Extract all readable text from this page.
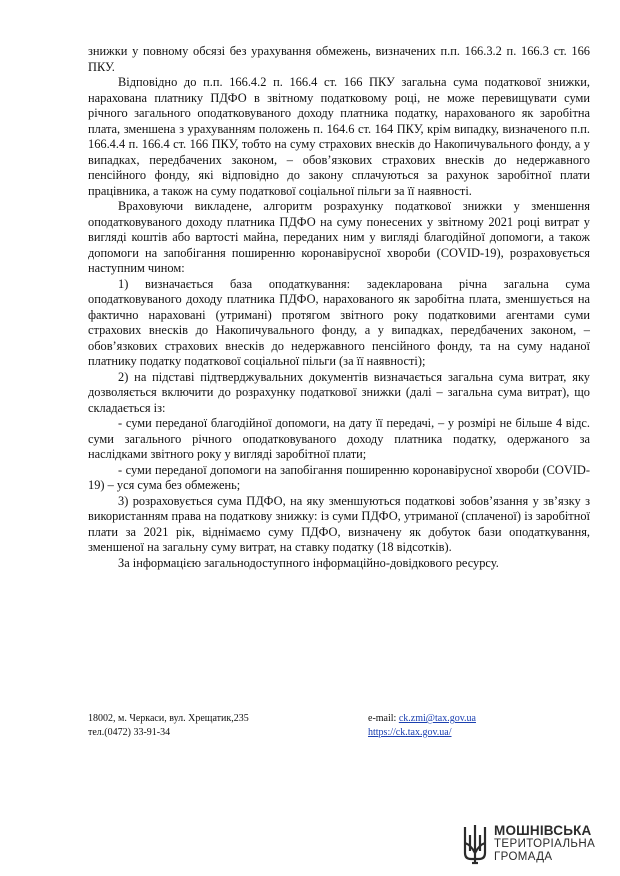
знижки у повному обсязі без урахування обмежень, визначених п.п. 166.3.2 п. 166.3 ст. 166 ПКУ.

Відповідно до п.п. 166.4.2 п. 166.4 ст. 166 ПКУ загальна сума податкової знижки, нарахована платнику ПДФО в звітному податковому році, не може перевищувати суми річного загального оподатковуваного доходу платника податку, нарахованого як заробітна плата, зменшена з урахуванням положень п. 164.6 ст. 164 ПКУ, крім випадку, визначеного п.п. 166.4.4 п. 166.4 ст. 166 ПКУ, тобто на суму страхових внесків до Накопичувального фонду, а у випадках, передбачених законом, – обов’язкових страхових внесків до недержавного пенсійного фонду, які відповідно до закону сплачуються за рахунок заробітної плати працівника, а також на суму податкової соціальної пільги за її наявності.

Враховуючи викладене, алгоритм розрахунку податкової знижки у зменшення оподатковуваного доходу платника ПДФО на суму понесених у звітному 2021 році витрат у вигляді коштів або вартості майна, переданих ним у вигляді благодійної допомоги, а також допомоги на запобігання поширенню коронавірусної хвороби (COVID-19), розраховується наступним чином:

1) визначається база оподаткування: задекларована річна загальна сума оподатковуваного доходу платника ПДФО, нарахованого як заробітна плата, зменшується на фактично нараховані (утримані) протягом звітного року податковими агентами суми страхових внесків до Накопичувального фонду, а у випадках, передбачених законом, – обов’язкових страхових внесків до недержавного пенсійного фонду, та на суму наданої платнику податку податкової соціальної пільги (за її наявності);

2) на підставі підтверджувальних документів визначається загальна сума витрат, яку дозволяється включити до розрахунку податкової знижки (далі – загальна сума витрат), що складається із:

- суми переданої благодійної допомоги, на дату її передачі, – у розмірі не більше 4 відс. суми загального річного оподатковуваного доходу платника податку, одержаного за наслідками звітного року у вигляді заробітної плати;

- суми переданої допомоги на запобігання поширенню коронавірусної хвороби (COVID-19) – уся сума без обмежень;

3) розраховується сума ПДФО, на яку зменшуються податкові зобов’язання у зв’язку з використанням права на податкову знижку: із суми ПДФО, утриманої (сплаченої) із заробітної плати за 2021 рік, віднімаємо суму ПДФО, визначену як добуток бази оподаткування, зменшеної на загальну суму витрат, на ставку податку (18 відсотків).

За інформацією загальнодоступного інформаційно-довідкового ресурсу.

18002, м. Черкаси, вул. Хрещатик,235
тел.(0472) 33-91-34
e-mail: ck.zmi@tax.gov.ua
https://ck.tax.gov.ua/
МОШНІВСЬКА
ТЕРИТОРІАЛЬНА
ГРОМАДА
